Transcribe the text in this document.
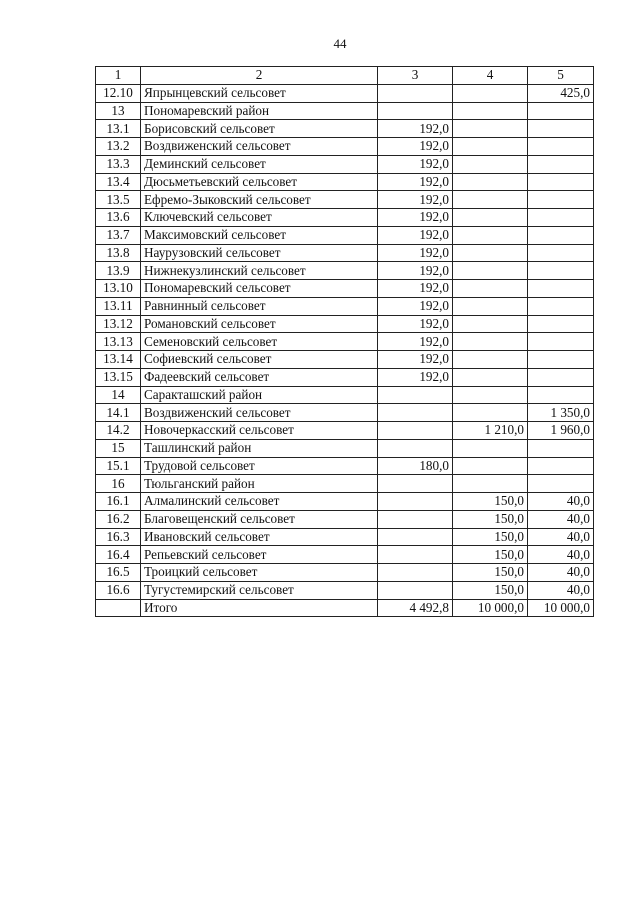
44
1	2	3	4	5
12.10	Япрынцевский сельсовет			425,0
13	Пономаревский район			
13.1	Борисовский сельсовет	192,0		
13.2	Воздвиженский сельсовет	192,0		
13.3	Деминский сельсовет	192,0		
13.4	Дюсьметьевский сельсовет	192,0		
13.5	Ефремо-Зыковский сельсовет	192,0		
13.6	Ключевский сельсовет	192,0		
13.7	Максимовский сельсовет	192,0		
13.8	Наурузовский сельсовет	192,0		
13.9	Нижнекузлинский сельсовет	192,0		
13.10	Пономаревский сельсовет	192,0		
13.11	Равнинный сельсовет	192,0		
13.12	Романовский сельсовет	192,0		
13.13	Семеновский сельсовет	192,0		
13.14	Софиевский сельсовет	192,0		
13.15	Фадеевский сельсовет	192,0		
14	Саракташский район			
14.1	Воздвиженский сельсовет			1 350,0
14.2	Новочеркасский сельсовет		1 210,0	1 960,0
15	Ташлинский район			
15.1	Трудовой сельсовет	180,0		
16	Тюльганский район			
16.1	Алмалинский сельсовет		150,0	40,0
16.2	Благовещенский сельсовет		150,0	40,0
16.3	Ивановский сельсовет		150,0	40,0
16.4	Репьевский сельсовет		150,0	40,0
16.5	Троицкий сельсовет		150,0	40,0
16.6	Тугустемирский сельсовет		150,0	40,0
	Итого	4 492,8	10 000,0	10 000,0
